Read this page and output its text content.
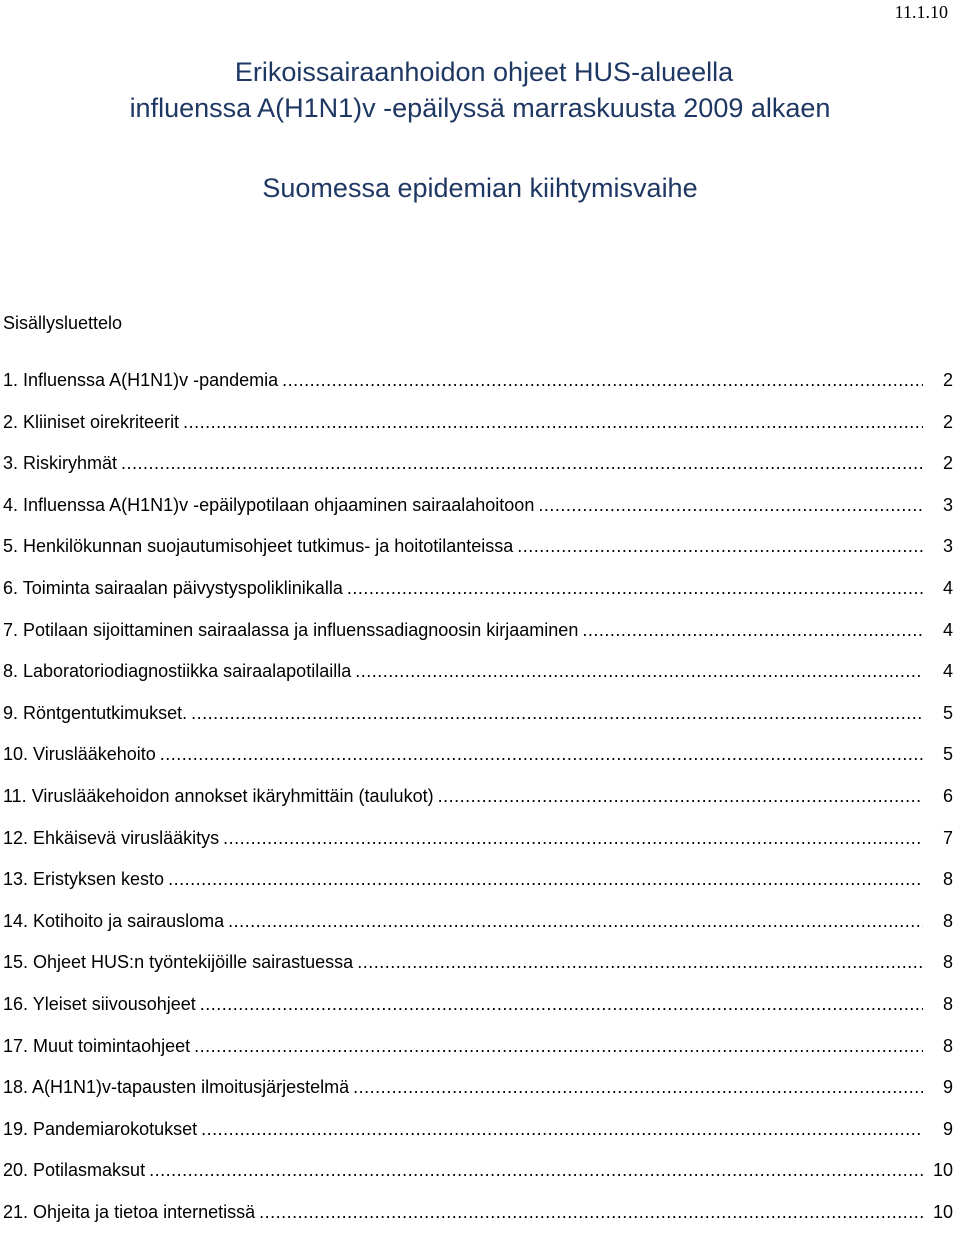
11.1.10
Erikoissairaanhoidon ohjeet HUS-alueella
influenssa A(H1N1)v -epäilyssä marraskuusta 2009 alkaen
Suomessa epidemian kiihtymisvaihe
Sisällysluettelo
1. Influenssa A(H1N1)v -pandemia .....	2
2. Kliiniset oirekriteerit .....	2
3. Riskiryhmät .....	2
4. Influenssa A(H1N1)v -epäilypotilaan ohjaaminen sairaalahoitoon .....	3
5. Henkilökunnan suojautumisohjeet tutkimus- ja hoitotilanteissa .....	3
6. Toiminta sairaalan päivystyspoliklinikalla .....	4
7. Potilaan sijoittaminen sairaalassa ja influenssadiagnoosin kirjaaminen .....	4
8. Laboratoriodiagnostiikka sairaalapotilailla .....	4
9. Röntgentutkimukset. .....	5
10. Viruslääkehoito .....	5
11. Viruslääkehoidon annokset ikäryhmittäin (taulukot) .....	6
12. Ehkäisevä viruslääkitys .....	7
13. Eristyksen kesto .....	8
14. Kotihoito ja sairausloma .....	8
15. Ohjeet HUS:n työntekijöille sairastuessa .....	8
16. Yleiset siivousohjeet .....	8
17. Muut toimintaohjeet .....	8
18. A(H1N1)v-tapausten ilmoitusjärjestelmä .....	9
19. Pandemiarokotukset .....	9
20. Potilasmaksut .....	10
21. Ohjeita ja tietoa internetissä .....	10
